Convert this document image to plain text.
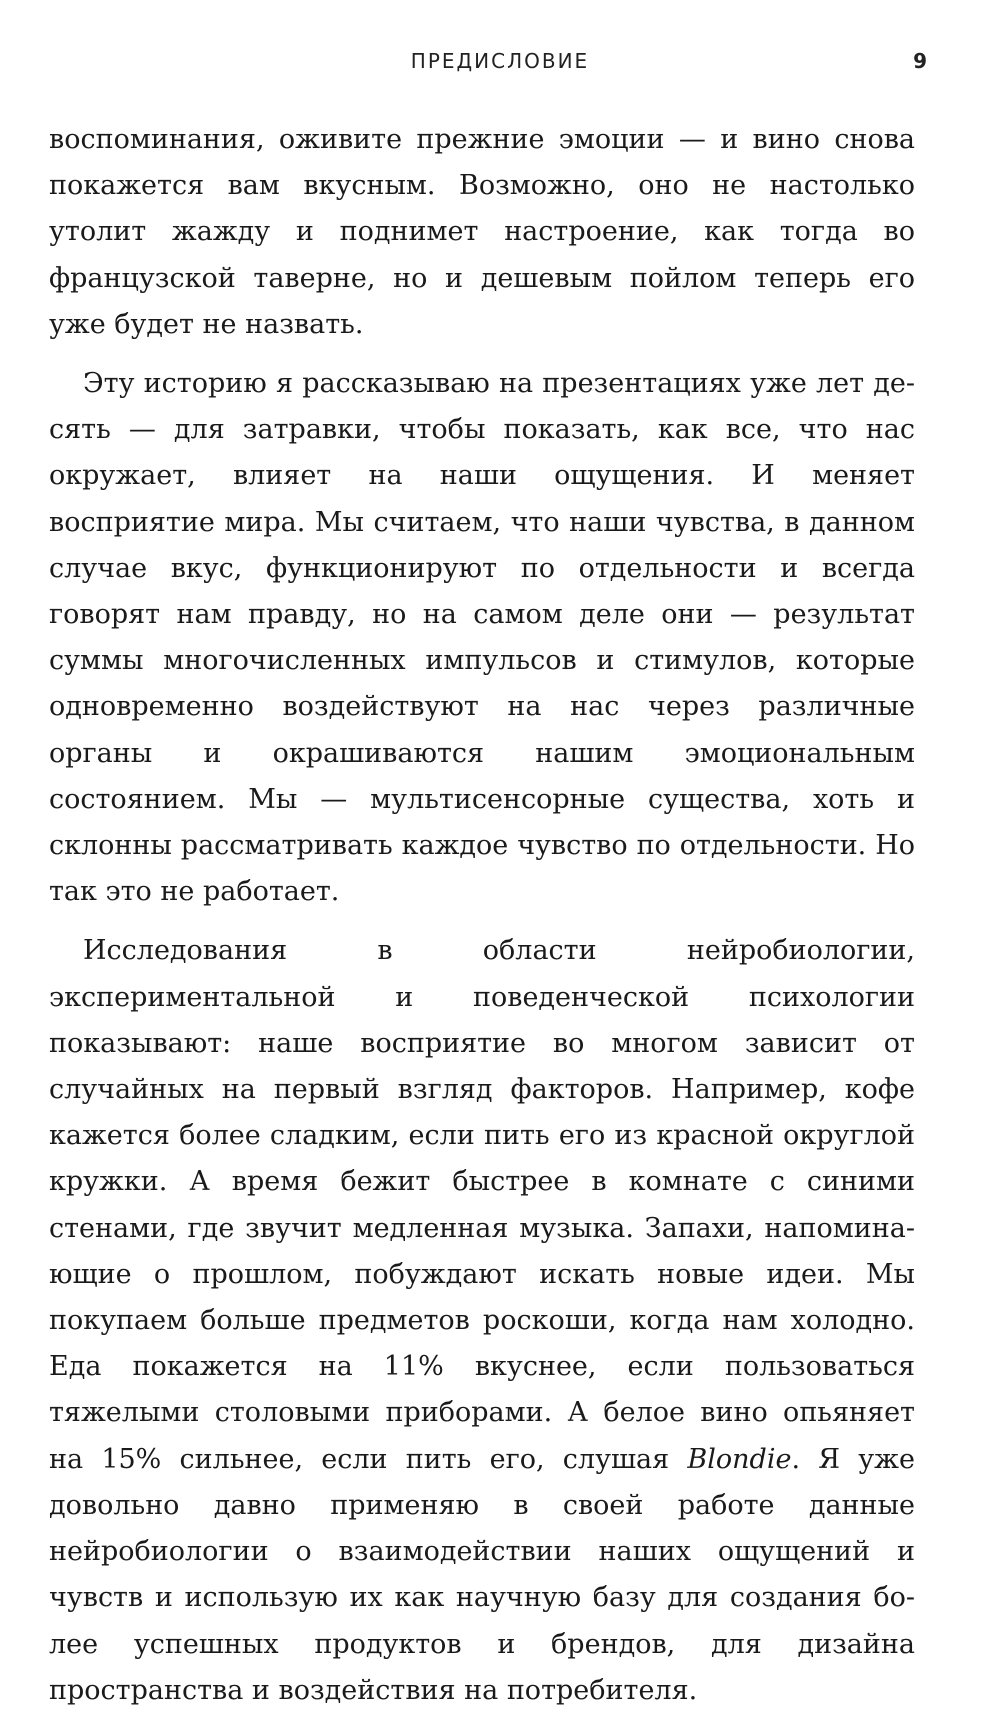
ПРЕДИСЛОВИЕ	9

воспоминания, оживите прежние эмоции — и вино снова покажется вам вкусным. Возможно, оно не настолько утолит жажду и поднимет настроение, как тогда во французской таверне, но и дешевым пойлом теперь его уже будет не назвать.

Эту историю я рассказываю на презентациях уже лет десять — для затравки, чтобы показать, как все, что нас окружает, влияет на наши ощущения. И меняет восприятие мира. Мы считаем, что наши чувства, в данном случае вкус, функционируют по отдельности и всегда говорят нам правду, но на самом деле они — результат суммы многочисленных импульсов и стимулов, которые одновременно воздействуют на нас через различные органы и окрашиваются нашим эмоциональным состоянием. Мы — мультисенсорные существа, хоть и склонны рассматривать каждое чувство по отдельности. Но так это не работает.

Исследования в области нейробиологии, экспериментальной и поведенческой психологии показывают: наше восприятие во многом зависит от случайных на первый взгляд факторов. Например, кофе кажется более сладким, если пить его из красной округлой кружки. А время бежит быстрее в комнате с синими стенами, где звучит медленная музыка. Запахи, напоминающие о прошлом, побуждают искать новые идеи. Мы покупаем больше предметов роскоши, когда нам холодно. Еда покажется на 11% вкуснее, если пользоваться тяжелыми столовыми приборами. А белое вино опьяняет на 15% сильнее, если пить его, слушая Blondie. Я уже довольно давно применяю в своей работе данные нейробиологии о взаимодействии наших ощущений и чувств и использую их как научную базу для создания более успешных продуктов и брендов, для дизайна пространства и воздействия на потребителя.
